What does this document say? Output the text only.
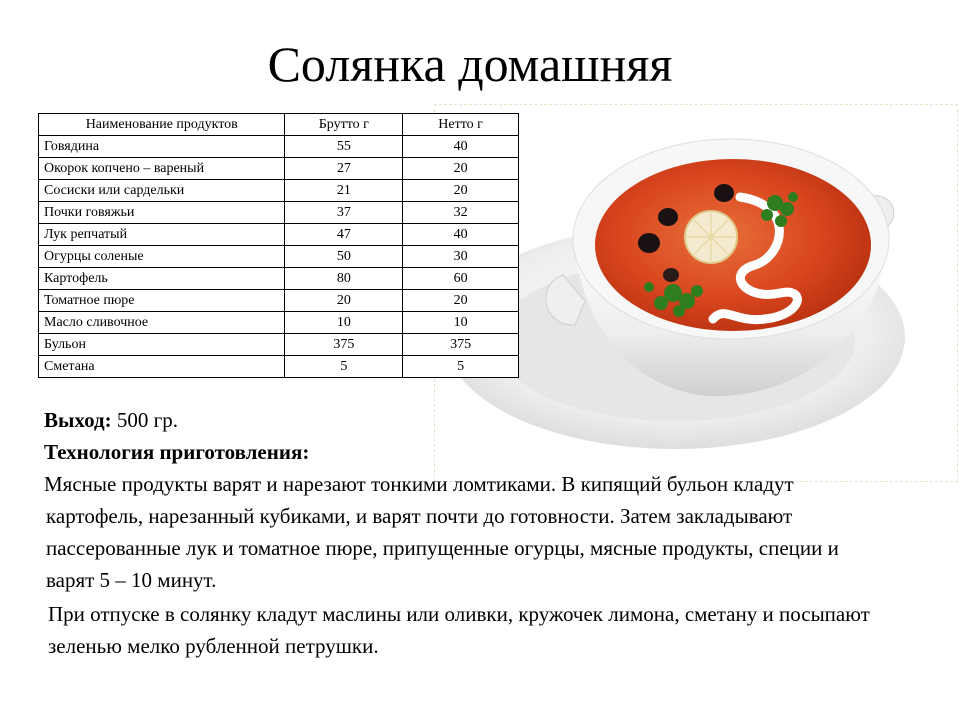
Солянка домашняя
Наименование продуктов	Брутто г	Нетто г
Говядина	55	40
Окорок копчено – вареный	27	20
Сосиски или сардельки	21	20
Почки говяжьи	37	32
Лук репчатый	47	40
Огурцы соленые	50	30
Картофель	80	60
Томатное пюре	20	20
Масло сливочное	10	10
Бульон	375	375
Сметана	5	5

Выход: 500 гр.

Технология приготовления:

Мясные продукты варят и нарезают тонкими ломтиками. В кипящий бульон кладут картофель, нарезанный кубиками, и варят почти до готовности. Затем закладывают пассерованные лук и томатное пюре, припущенные огурцы, мясные продукты, специи и варят 5 – 10 минут.

При отпуске в солянку кладут маслины или оливки, кружочек лимона, сметану и посыпают зеленью мелко рубленной петрушки.
